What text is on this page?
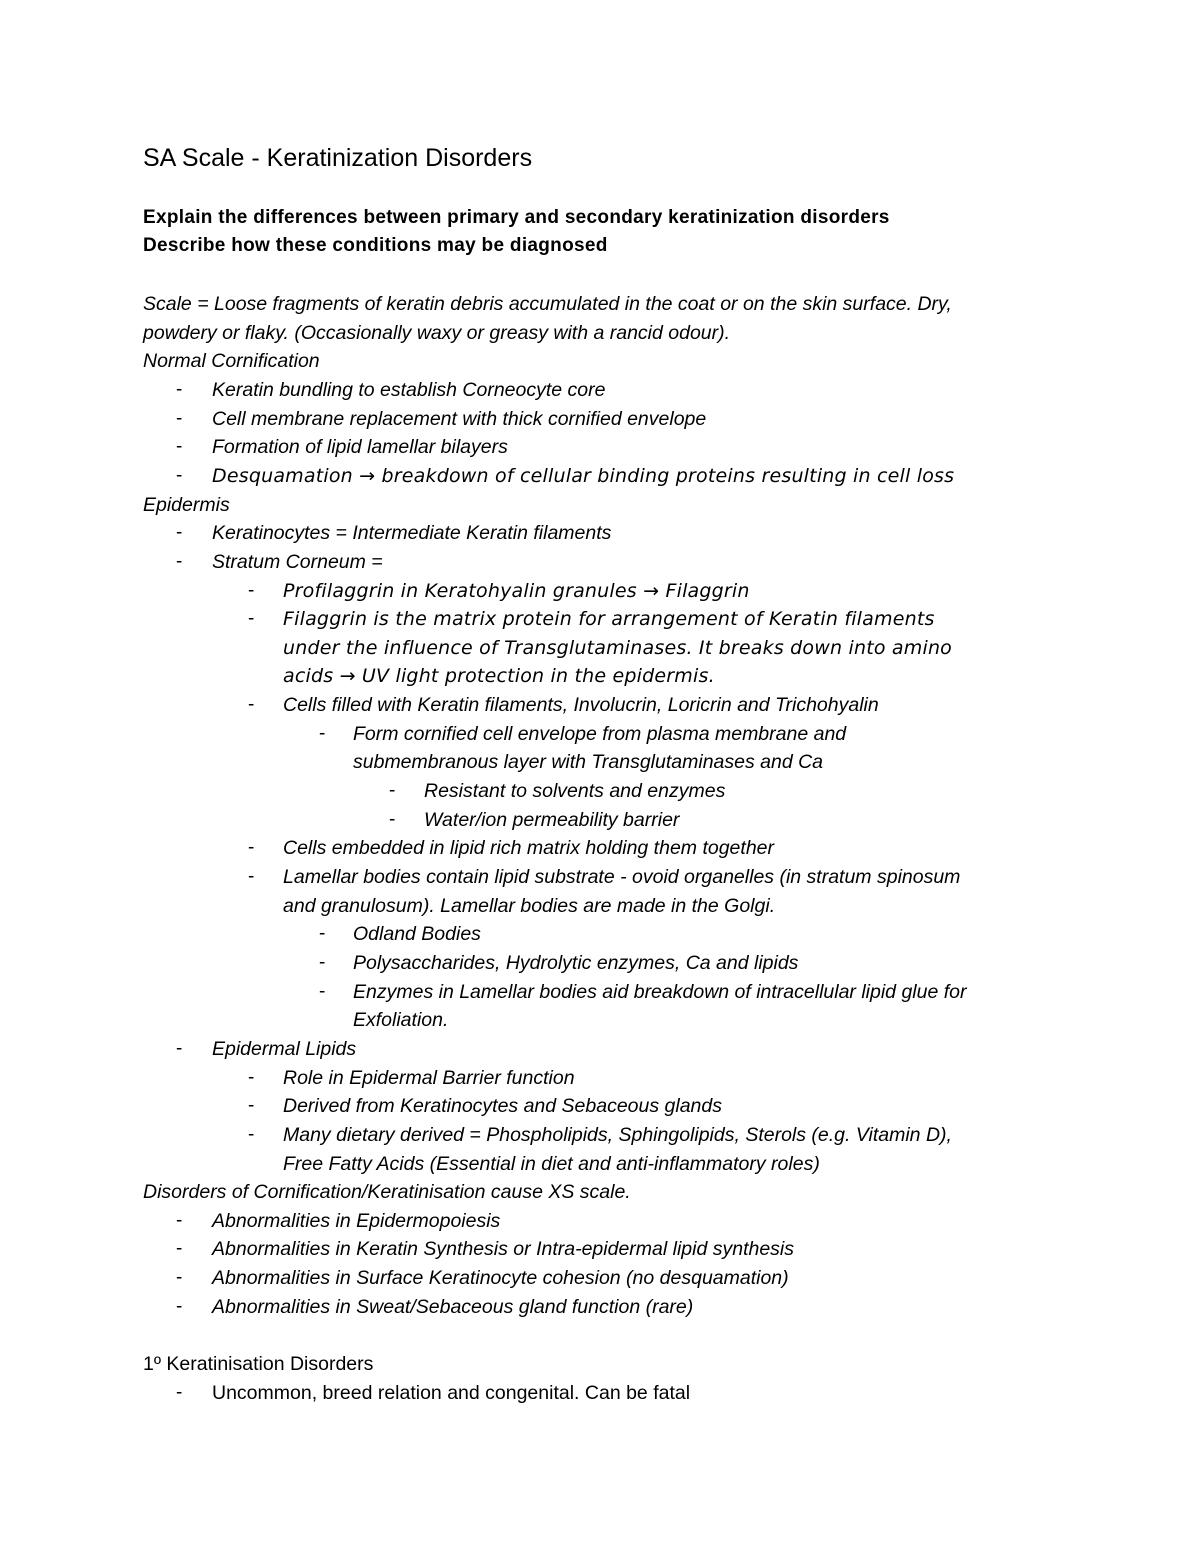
SA Scale - Keratinization Disorders
Explain the differences between primary and secondary keratinization disorders
Describe how these conditions may be diagnosed
Scale = Loose fragments of keratin debris accumulated in the coat or on the skin surface. Dry,
powdery or flaky. (Occasionally waxy or greasy with a rancid odour).
Normal Cornification
- Keratin bundling to establish Corneocyte core
- Cell membrane replacement with thick cornified envelope
- Formation of lipid lamellar bilayers
- Desquamation → breakdown of cellular binding proteins resulting in cell loss
Epidermis
- Keratinocytes = Intermediate Keratin filaments
- Stratum Corneum =
- Profilaggrin in Keratohyalin granules → Filaggrin
- Filaggrin is the matrix protein for arrangement of Keratin filaments
under the influence of Transglutaminases. It breaks down into amino
acids → UV light protection in the epidermis.
- Cells filled with Keratin filaments, Involucrin, Loricrin and Trichohyalin
- Form cornified cell envelope from plasma membrane and
submembranous layer with Transglutaminases and Ca
- Resistant to solvents and enzymes
- Water/ion permeability barrier
- Cells embedded in lipid rich matrix holding them together
- Lamellar bodies contain lipid substrate - ovoid organelles (in stratum spinosum
and granulosum). Lamellar bodies are made in the Golgi.
- Odland Bodies
- Polysaccharides, Hydrolytic enzymes, Ca and lipids
- Enzymes in Lamellar bodies aid breakdown of intracellular lipid glue for
Exfoliation.
- Epidermal Lipids
- Role in Epidermal Barrier function
- Derived from Keratinocytes and Sebaceous glands
- Many dietary derived = Phospholipids, Sphingolipids, Sterols (e.g. Vitamin D),
Free Fatty Acids (Essential in diet and anti-inflammatory roles)
Disorders of Cornification/Keratinisation cause XS scale.
- Abnormalities in Epidermopoiesis
- Abnormalities in Keratin Synthesis or Intra-epidermal lipid synthesis
- Abnormalities in Surface Keratinocyte cohesion (no desquamation)
- Abnormalities in Sweat/Sebaceous gland function (rare)
1º Keratinisation Disorders
- Uncommon, breed relation and congenital. Can be fatal
